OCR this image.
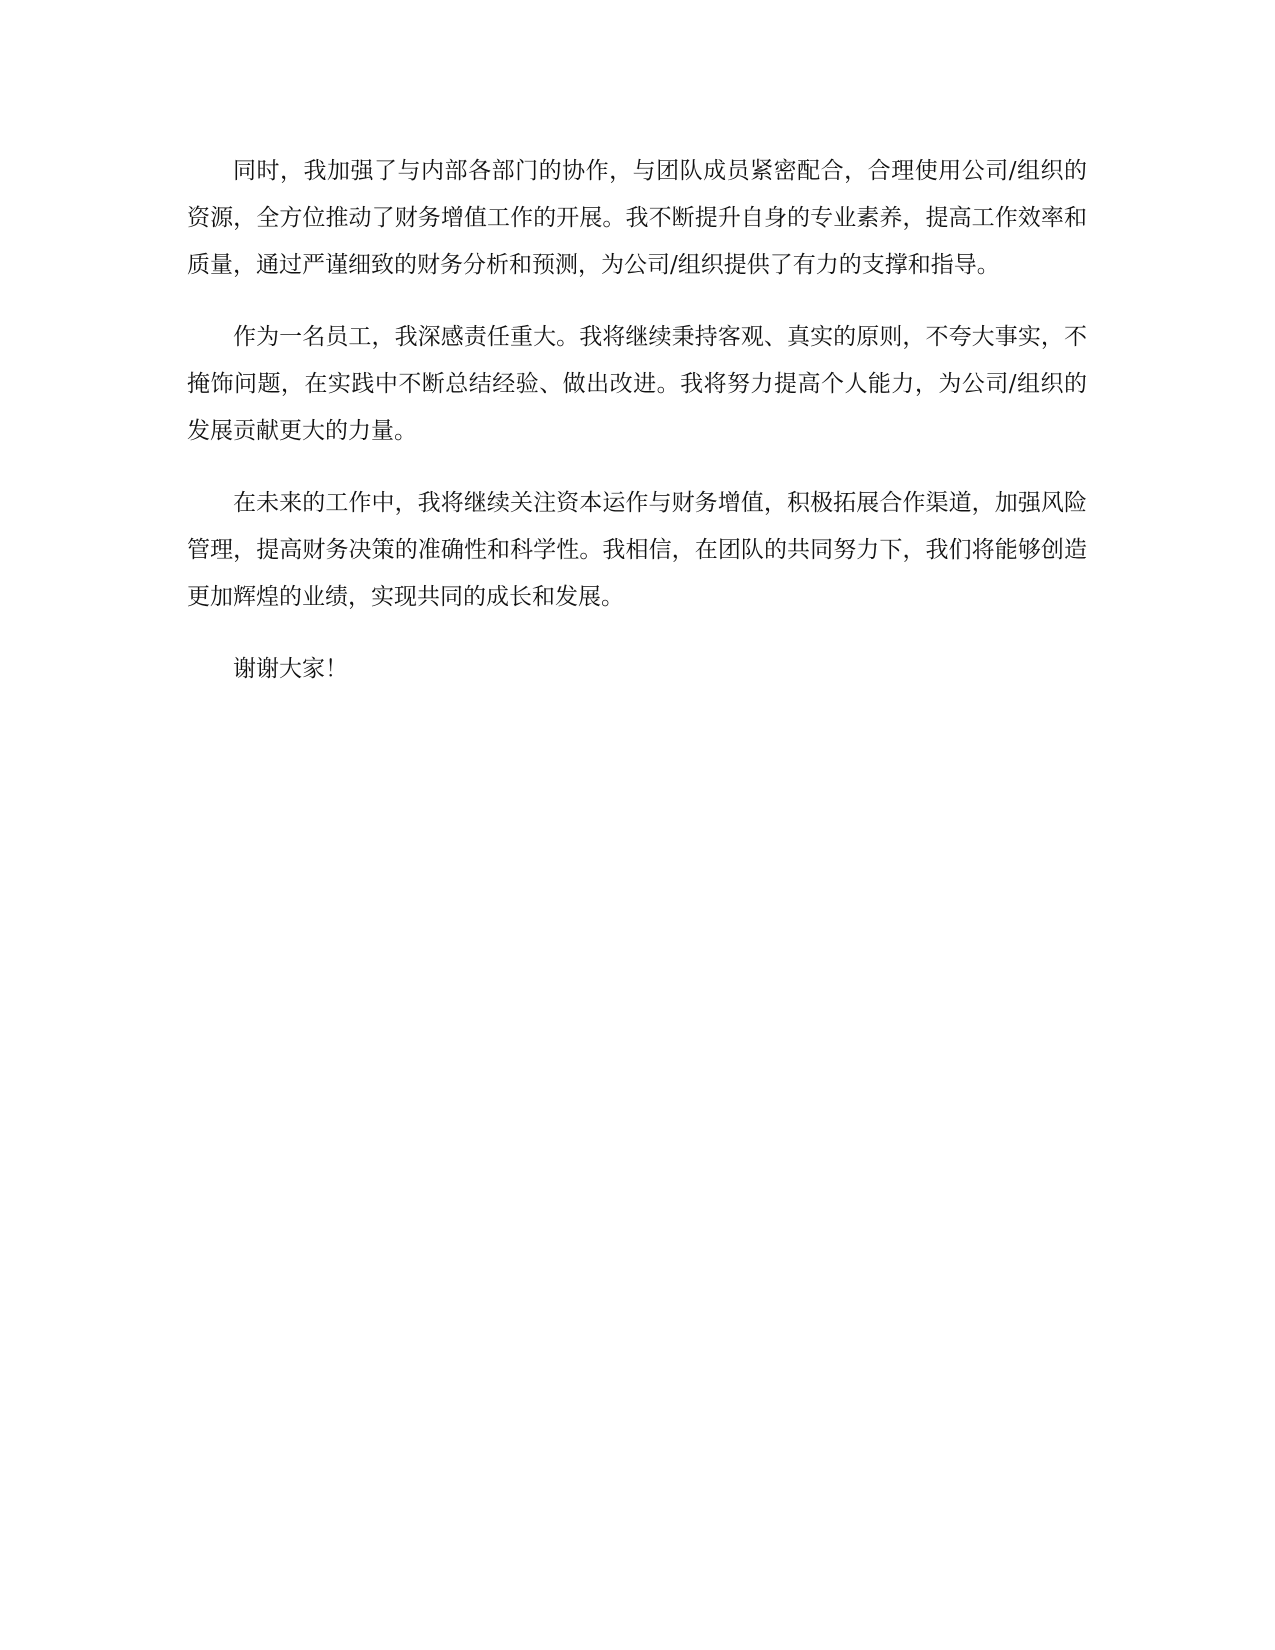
同时，我加强了与内部各部门的协作，与团队成员紧密配合，合理使用公司/组织的资源，全方位推动了财务增值工作的开展。我不断提升自身的专业素养，提高工作效率和质量，通过严谨细致的财务分析和预测，为公司/组织提供了有力的支撑和指导。

作为一名员工，我深感责任重大。我将继续秉持客观、真实的原则，不夸大事实，不掩饰问题，在实践中不断总结经验、做出改进。我将努力提高个人能力，为公司/组织的发展贡献更大的力量。

在未来的工作中，我将继续关注资本运作与财务增值，积极拓展合作渠道，加强风险管理，提高财务决策的准确性和科学性。我相信，在团队的共同努力下，我们将能够创造更加辉煌的业绩，实现共同的成长和发展。

谢谢大家！
